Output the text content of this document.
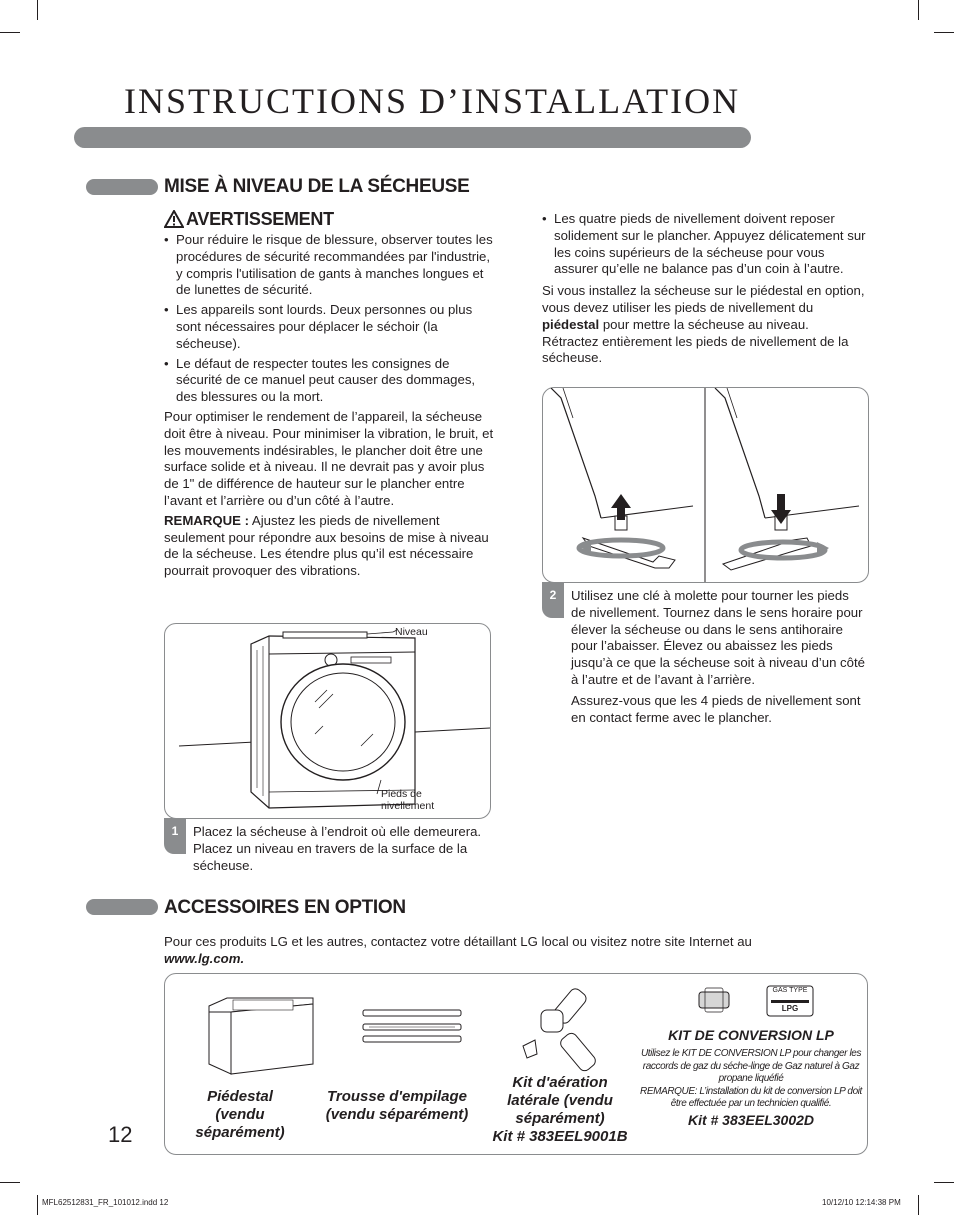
INSTRUCTIONS D’INSTALLATION
MISE À NIVEAU DE LA SÉCHEUSE
AVERTISSEMENT
• Pour réduire le risque de blessure, observer toutes les procédures de sécurité recommandées par l'industrie, y compris l'utilisation de gants à manches longues et de lunettes de sécurité.
• Les appareils sont lourds. Deux personnes ou plus sont nécessaires pour déplacer le séchoir (la sécheuse).
• Le défaut de respecter toutes les consignes de sécurité de ce manuel peut causer des dommages, des blessures ou la mort.

Pour optimiser le rendement de l’appareil, la sécheuse doit être à niveau. Pour minimiser la vibration, le bruit, et les mouvements indésirables, le plancher doit être une surface solide et à niveau. Il ne devrait pas y avoir plus de 1" de différence de hauteur sur le plancher entre l’avant et l’arrière ou d’un côté à l’autre.

REMARQUE : Ajustez les pieds de nivellement seulement pour répondre aux besoins de mise à niveau de la sécheuse. Les étendre plus qu’il est nécessaire pourrait provoquer des vibrations.

Niveau
Pieds de nivellement
1	Placez la sécheuse à l’endroit où elle demeurera. Placez un niveau en travers de la surface de la sécheuse.
• Les quatre pieds de nivellement doivent reposer solidement sur le plancher. Appuyez délicatement sur les coins supérieurs de la sécheuse pour vous assurer qu’elle ne balance pas d’un coin à l’autre.

Si vous installez la sécheuse sur le piédestal en option, vous devez utiliser les pieds de nivellement du piédestal pour mettre la sécheuse au niveau. Rétractez entièrement les pieds de nivellement de la sécheuse.

2	Utilisez une clé à molette pour tourner les pieds de nivellement. Tournez dans le sens horaire pour élever la sécheuse ou dans le sens antihoraire pour l’abaisser. Élevez ou abaissez les pieds jusqu’à ce que la sécheuse soit à niveau d’un côté à l’autre et de l’avant à l’arrière.

Assurez-vous que les 4 pieds de nivellement sont en contact ferme avec le plancher.

ACCESSOIRES EN OPTION
Pour ces produits LG et les autres, contactez votre détaillant LG local ou visitez notre site Internet au
www.lg.com.
GAS TYPE
LPG
Piédestal (vendu séparément)
Trousse d'empilage (vendu séparément)
Kit d'aération latérale (vendu séparément)
Kit # 383EEL9001B
KIT DE CONVERSION LP
Utilisez le KIT DE CONVERSION LP pour changer les raccords de gaz du séche-linge de Gaz naturel à Gaz propane liquéfié
REMARQUE: L’installation du kit de conversion LP doit être effectuée par un technicien qualifié.
Kit # 383EEL3002D
12
MFL62512831_FR_101012.indd 12	10/12/10 12:14:38 PM
